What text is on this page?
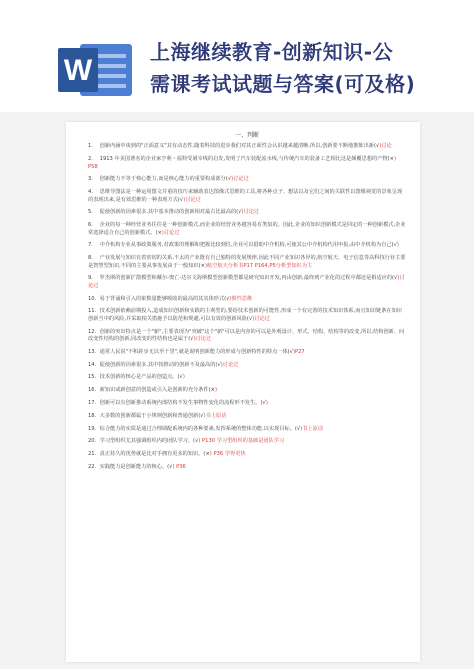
W
上海继续教育-创新知识-公
需课考试试题与答案(可及格)
一、判断
1. 创新内涵中谈到的"正面意义"其有动态性,随着科技的进步我们对其正面性会认识越来越清晰,所以,创新要不断地推陈出新(√)讨论
2. 1913 年美国著名的企业家亨利・福特受屠宰线的启发,发明了汽车装配流水线,与传统汽车的装备工艺相比这是颠覆思想的产物(×) P58
3. 创新能力不等于核心能力,而是核心能力的重要构成部分(√)讨论过
4. 思维导图法是一种运用图文并重的技巧来辅助表达图像式思维的工具,将各种点子、想法以及它们之间的关联性以图像视觉的景象呈现的表现出来,是有效思维的一种表现方式(√)讨论过
5. 促使创新的因素很多,其中基本推动的创新相对最古比最高的(√)讨论过
6. 企业的每一种经营业务往往是一种创新模式,而企业的经营业务越容易有类似的。因此,企业的知识创新模式是回定的一种创新模式,企业常选择适合自己的创新模式。(×)讨论过
7. 中介机构专业从事政策服务,对政策的理解和把握比较到位,企业可以借助中介机构,可使其公中介机构代用申报,由中介机构为自己(√)
8. 产业发展与知识有着密切的关系,不太的产业既有自己独特的发展规律,因此不同产业知识各异的,航空航天、电子信息等高科技行业主要是智慧型知识,不同的主要从事发展由于一般知识(×)航空航天分析书P17 P164,P5分析型知识为主
9. 罗杰斯的创新扩散模型和戴尔-奥亡-达尔文海斯模型创新模型都是研究知识开发,再由创新,最终到产业化的过程中都还是相适应的(√)讨论过
10. 易于背诵和引入的象数量能够吸收的最高的其其体形式(√)惯性思维
11. 技术创新依赖前期投入,造成知识创新和实践的主观型的,要给技术创新的可能性,形成一个有完善的技术知识体系,而且知识链条在知识创新当中的风险,并采取相关措施予以防范和规避,可以有效的创新风险(√)讨论过
12. 创新的突出特点是一个"新",主要表现为"突破"这个"新"可以是内容的可以是外观设计、形式、结构、结构等的改变,所以,结构创新、问改变性结构的创新,同改变的性结构也是属于(√)讨论过
13. 通常人民说"不积跬步无以至千里",就是说明创新能力的形成与创新特性的特点一体(√)P27
14. 促使创新的因素很多,其中按推动的创新不及最高的(√)讨论过
15. 技术创新的核心是产品的创造点。(√)
16. 新知识或新创意的创造或引入是创新的充分条件(×)
17. 创新可以有创新推动系统内部结构不发生事物性变化的流程形不发生。(√)
18. 大多数的创新都属于小规则创新和普通创新(√)书上原话
19. 综合能力的实质是通过合理调配系统内的各种要素,发挥系统的整体功能,以实现目标。(√)书上原话
20. 学习型组织尤其强调组织内的团队学习。(√) P130 学习型组织的基础是团队学习
21. 真正持久的优势就是比对手拥有更多的知识。(×) P36 学得更快
22. 实践能力是创新能力的核心。(√) P36
